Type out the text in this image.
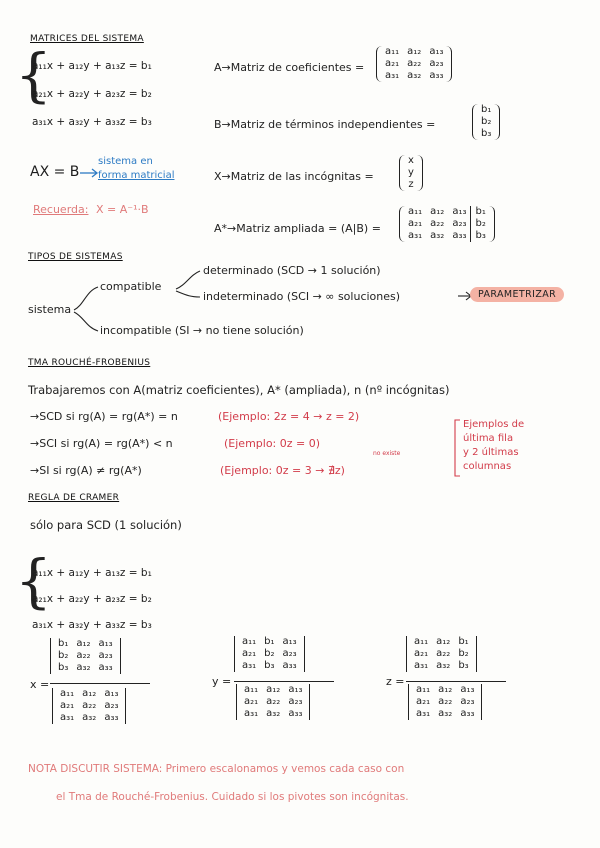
MATRICES DEL SISTEMA
{
a₁₁x + a₁₂y + a₁₃z = b₁
a₂₁x + a₂₂y + a₂₃z = b₂
a₃₁x + a₃₂y + a₃₃z = b₃
A→Matriz de coeficientes =
a₁₁	a₁₂	a₁₃
a₂₁	a₂₂	a₂₃
a₃₁	a₃₂	a₃₃
B→Matriz de términos independientes =
b₁
b₂
b₃
AX = B
sistema en
forma matricial	X→Matriz de las incógnitas =
x
y
z
Recuerda: X = A⁻¹·B
A*→Matriz ampliada = (A|B) =
a₁₁	a₁₂	a₁₃	b₁
a₂₁	a₂₂	a₂₃	b₂
a₃₁	a₃₂	a₃₃	b₃
TIPOS DE SISTEMAS
sistema
compatible
determinado (SCD → 1 solución)
indeterminado (SCI → ∞ soluciones)	PARAMETRIZAR
incompatible (SI → no tiene solución)
TMA ROUCHÉ-FROBENIUS
Trabajaremos con A(matriz coeficientes), A* (ampliada), n (nº incógnitas)
→SCD si rg(A) = rg(A*) = n	(Ejemplo: 2z = 4 → z = 2)
→SCI si rg(A) = rg(A*) < n	(Ejemplo: 0z = 0)
→SI si rg(A) ≠ rg(A*)	(Ejemplo: 0z = 3 → ∄z)
no existe
Ejemplos de
última fila
y 2 últimas
columnas
REGLA DE CRAMER
sólo para SCD (1 solución)
{
a₁₁x + a₁₂y + a₁₃z = b₁
a₂₁x + a₂₂y + a₂₃z = b₂
a₃₁x + a₃₂y + a₃₃z = b₃
x =
b₁	a₁₂	a₁₃
b₂	a₂₂	a₂₃
b₃	a₃₂	a₃₃
a₁₁	a₁₂	a₁₃
a₂₁	a₂₂	a₂₃
a₃₁	a₃₂	a₃₃
y =
a₁₁	b₁	a₁₃
a₂₁	b₂	a₂₃
a₃₁	b₃	a₃₃
a₁₁	a₁₂	a₁₃
a₂₁	a₂₂	a₂₃
a₃₁	a₃₂	a₃₃
z =
a₁₁	a₁₂	b₁
a₂₁	a₂₂	b₂
a₃₁	a₃₂	b₃
a₁₁	a₁₂	a₁₃
a₂₁	a₂₂	a₂₃
a₃₁	a₃₂	a₃₃
NOTA DISCUTIR SISTEMA: Primero escalonamos y vemos cada caso con
el Tma de Rouché-Frobenius. Cuidado si los pivotes son incógnitas.
